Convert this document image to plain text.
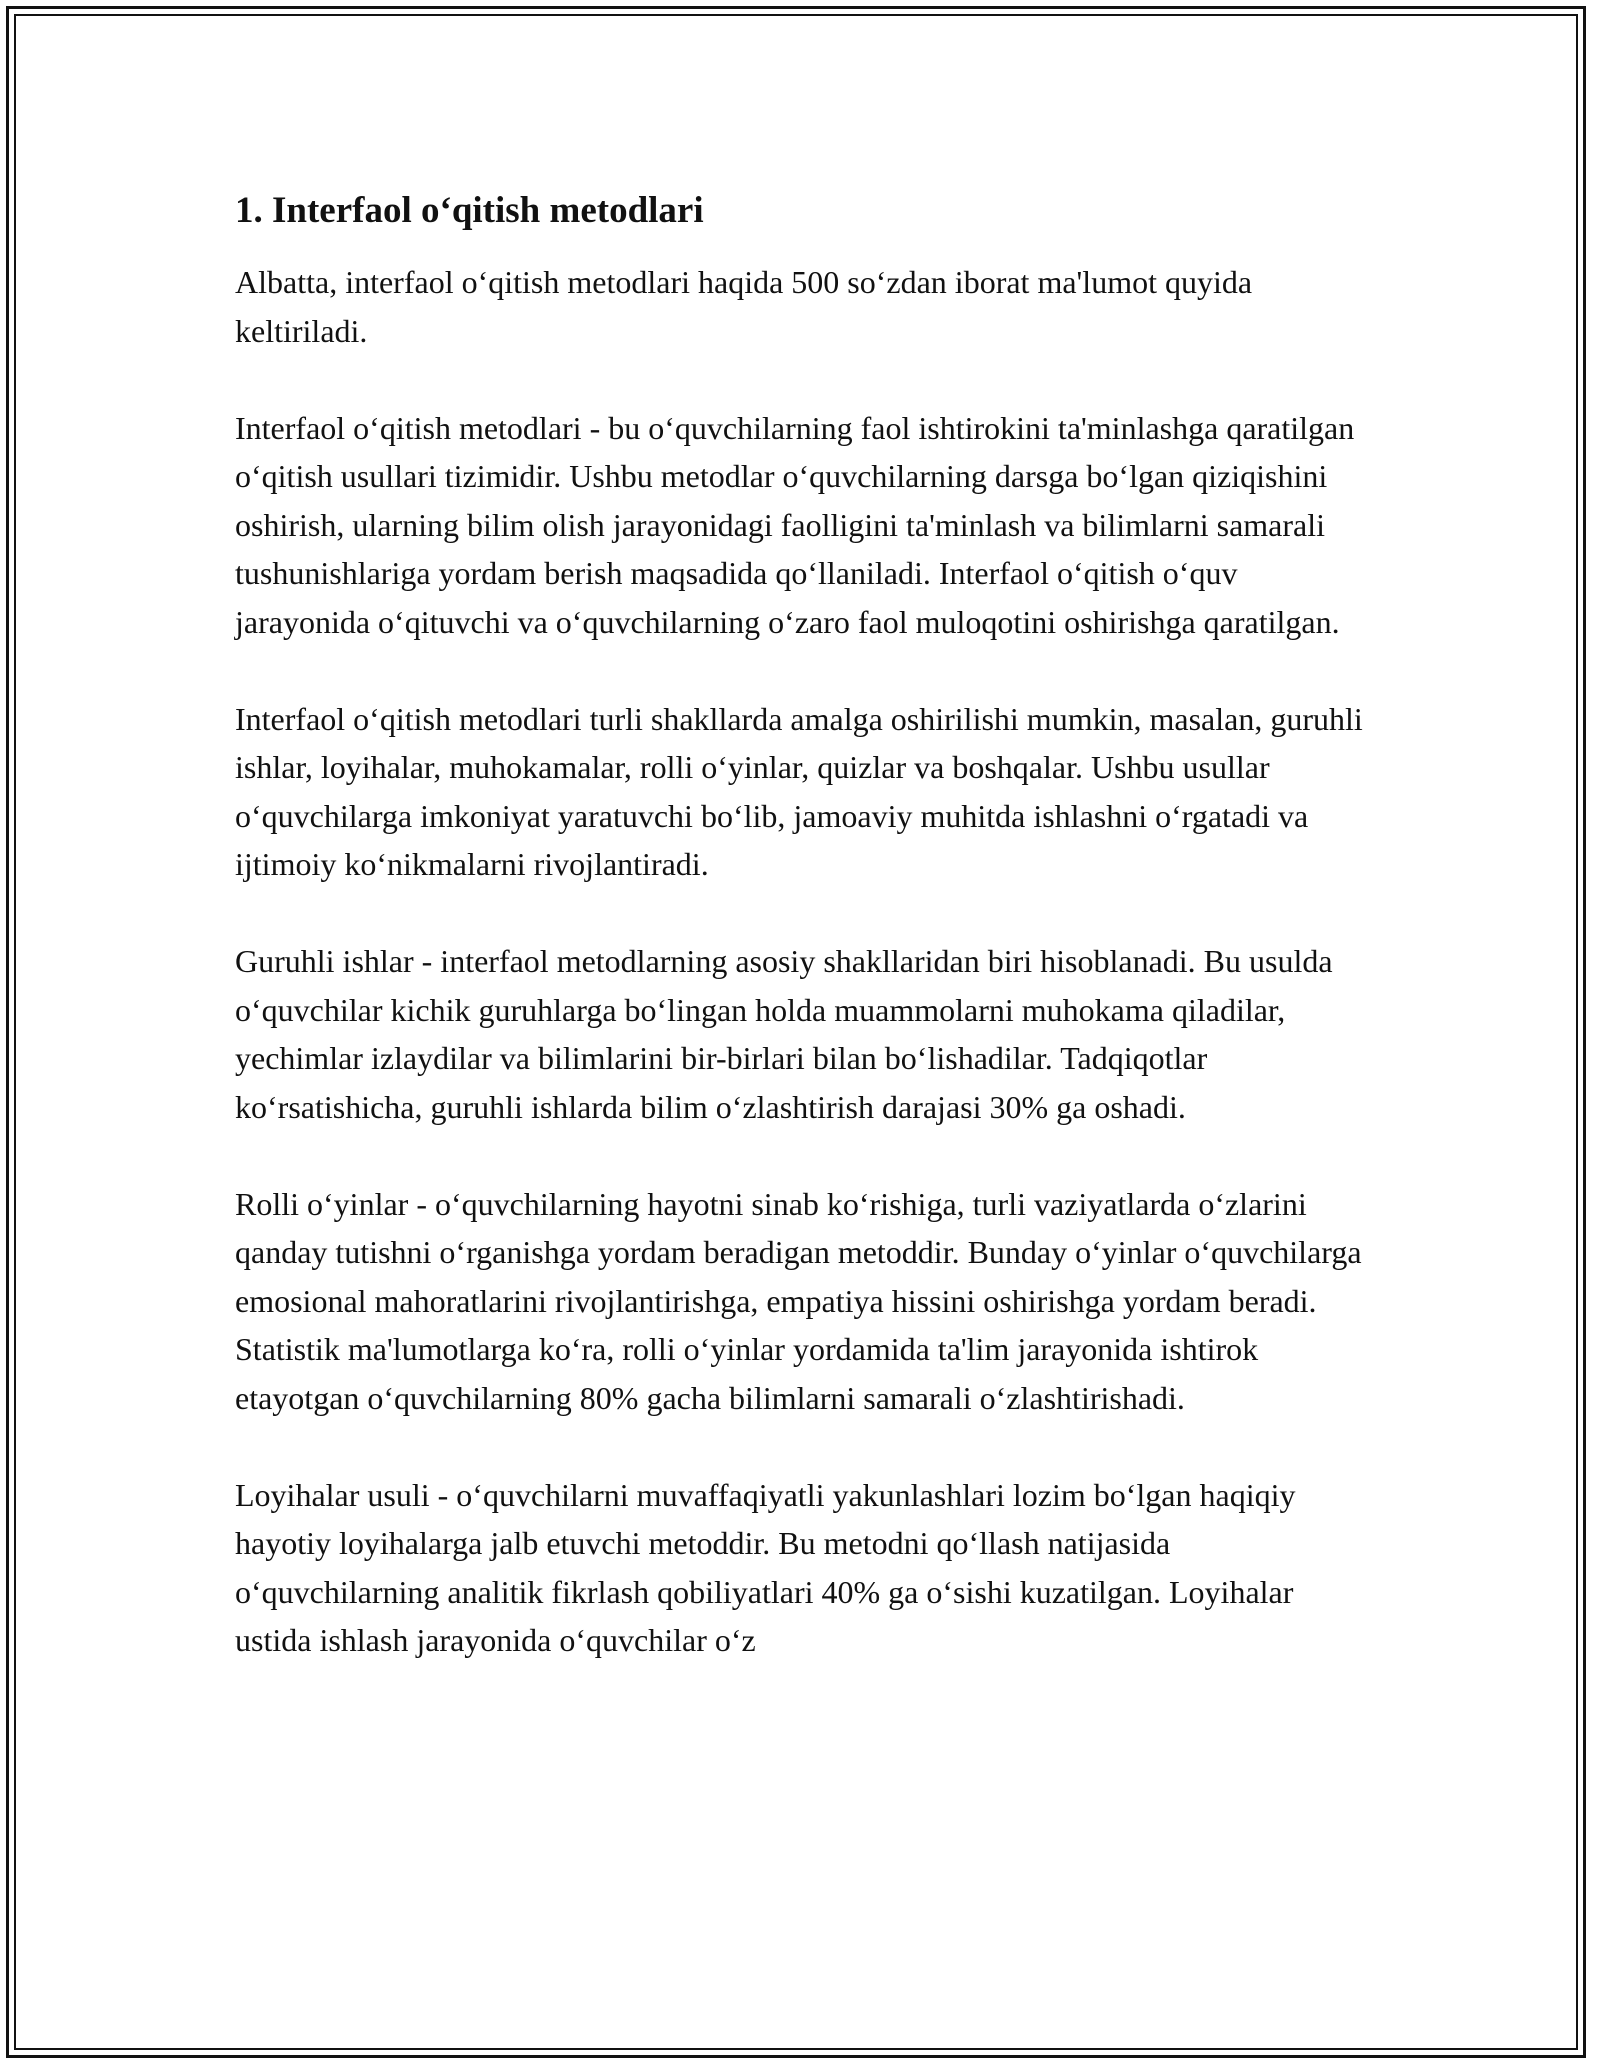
1. Interfaol o‘qitish metodlari

Albatta, interfaol o‘qitish metodlari haqida 500 so‘zdan iborat ma'lumot quyida keltiriladi.

Interfaol o‘qitish metodlari - bu o‘quvchilarning faol ishtirokini ta'minlashga qaratilgan o‘qitish usullari tizimidir. Ushbu metodlar o‘quvchilarning darsga bo‘lgan qiziqishini oshirish, ularning bilim olish jarayonidagi faolligini ta'minlash va bilimlarni samarali tushunishlariga yordam berish maqsadida qo‘llaniladi. Interfaol o‘qitish o‘quv jarayonida o‘qituvchi va o‘quvchilarning o‘zaro faol muloqotini oshirishga qaratilgan.

Interfaol o‘qitish metodlari turli shakllarda amalga oshirilishi mumkin, masalan, guruhli ishlar, loyihalar, muhokamalar, rolli o‘yinlar, quizlar va boshqalar. Ushbu usullar o‘quvchilarga imkoniyat yaratuvchi bo‘lib, jamoaviy muhitda ishlashni o‘rgatadi va ijtimoiy ko‘nikmalarni rivojlantiradi.

Guruhli ishlar - interfaol metodlarning asosiy shakllaridan biri hisoblanadi. Bu usulda o‘quvchilar kichik guruhlarga bo‘lingan holda muammolarni muhokama qiladilar, yechimlar izlaydilar va bilimlarini bir-birlari bilan bo‘lishadilar. Tadqiqotlar ko‘rsatishicha, guruhli ishlarda bilim o‘zlashtirish darajasi 30% ga oshadi.

Rolli o‘yinlar - o‘quvchilarning hayotni sinab ko‘rishiga, turli vaziyatlarda o‘zlarini qanday tutishni o‘rganishga yordam beradigan metoddir. Bunday o‘yinlar o‘quvchilarga emosional mahoratlarini rivojlantirishga, empatiya hissini oshirishga yordam beradi. Statistik ma'lumotlarga ko‘ra, rolli o‘yinlar yordamida ta'lim jarayonida ishtirok etayotgan o‘quvchilarning 80% gacha bilimlarni samarali o‘zlashtirishadi.

Loyihalar usuli - o‘quvchilarni muvaffaqiyatli yakunlashlari lozim bo‘lgan haqiqiy hayotiy loyihalarga jalb etuvchi metoddir. Bu metodni qo‘llash natijasida o‘quvchilarning analitik fikrlash qobiliyatlari 40% ga o‘sishi kuzatilgan. Loyihalar ustida ishlash jarayonida o‘quvchilar o‘z
